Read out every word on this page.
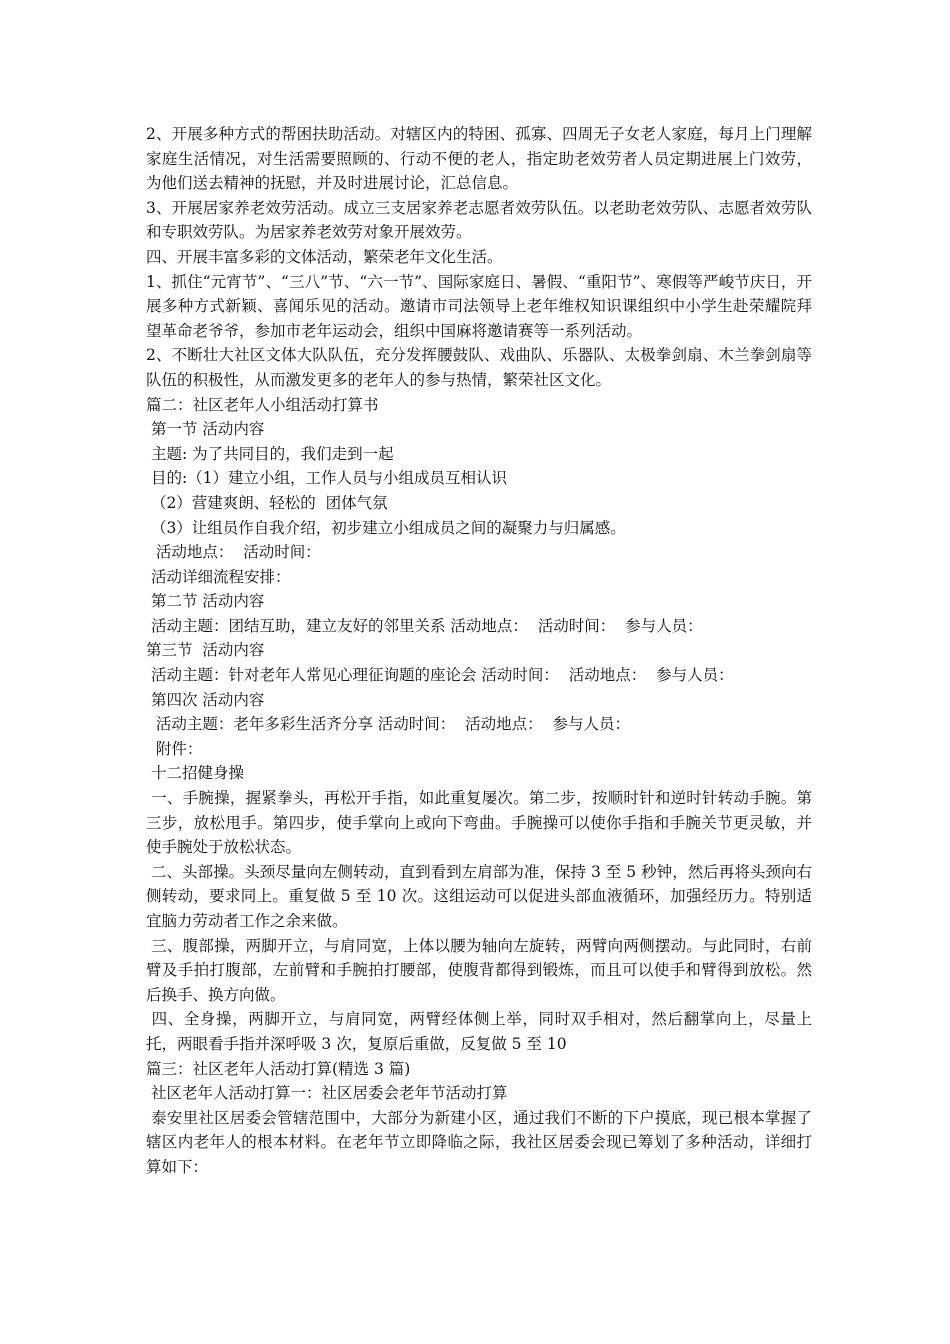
2、开展多种方式的帮困扶助活动。对辖区内的特困、孤寡、四周无子女老人家庭，每月上门理解家庭生活情况，对生活需要照顾的、行动不便的老人，指定助老效劳者人员定期进展上门效劳，为他们送去精神的抚慰，并及时进展讨论，汇总信息。

3、开展居家养老效劳活动。成立三支居家养老志愿者效劳队伍。以老助老效劳队、志愿者效劳队和专职效劳队。为居家养老效劳对象开展效劳。

四、开展丰富多彩的文体活动，繁荣老年文化生活。

1、抓住“元宵节”、“三八”节、“六一节”、国际家庭日、暑假、“重阳节”、寒假等严峻节庆日，开展多种方式新颖、喜闻乐见的活动。邀请市司法领导上老年维权知识课组织中小学生赴荣耀院拜望革命老爷爷，参加市老年运动会，组织中国麻将邀请赛等一系列活动。

2、不断壮大社区文体大队队伍，充分发挥腰鼓队、戏曲队、乐器队、太极拳剑扇、木兰拳剑扇等队伍的积极性，从而激发更多的老年人的参与热情，繁荣社区文化。

篇二：社区老年人小组活动打算书

第一节 活动内容

主题: 为了共同目的，我们走到一起

目的:（1）建立小组，工作人员与小组成员互相认识

（2）营建爽朗、轻松的  团体气氛

（3）让组员作自我介绍，初步建立小组成员之间的凝聚力与归属感。

活动地点：  活动时间：

活动详细流程安排：

第二节 活动内容

活动主题：团结互助，建立友好的邻里关系 活动地点：  活动时间：  参与人员：

第三节  活动内容

活动主题：针对老年人常见心理征询题的座论会 活动时间：  活动地点：  参与人员：

第四次 活动内容

活动主题：老年多彩生活齐分享 活动时间：  活动地点：  参与人员：

附件：

十二招健身操

一、手腕操，握紧拳头，再松开手指，如此重复屡次。第二步，按顺时针和逆时针转动手腕。第三步，放松甩手。第四步，使手掌向上或向下弯曲。手腕操可以使你手指和手腕关节更灵敏，并使手腕处于放松状态。

二、头部操。头颈尽量向左侧转动，直到看到左肩部为准，保持 3 至 5 秒钟，然后再将头颈向右侧转动，要求同上。重复做 5 至 10 次。这组运动可以促进头部血液循环，加强经历力。特别适宜脑力劳动者工作之余来做。

三、腹部操，两脚开立，与肩同宽，上体以腰为轴向左旋转，两臂向两侧摆动。与此同时，右前臂及手拍打腹部，左前臂和手腕拍打腰部，使腹背都得到锻炼，而且可以使手和臂得到放松。然后换手、换方向做。

四、全身操，两脚开立，与肩同宽，两臂经体侧上举，同时双手相对，然后翻掌向上，尽量上托，两眼看手指并深呼吸 3 次，复原后重做，反复做 5 至 10

篇三：社区老年人活动打算(精选 3 篇)

社区老年人活动打算一：社区居委会老年节活动打算

泰安里社区居委会管辖范围中，大部分为新建小区，通过我们不断的下户摸底，现已根本掌握了辖区内老年人的根本材料。在老年节立即降临之际，我社区居委会现已筹划了多种活动，详细打算如下：
